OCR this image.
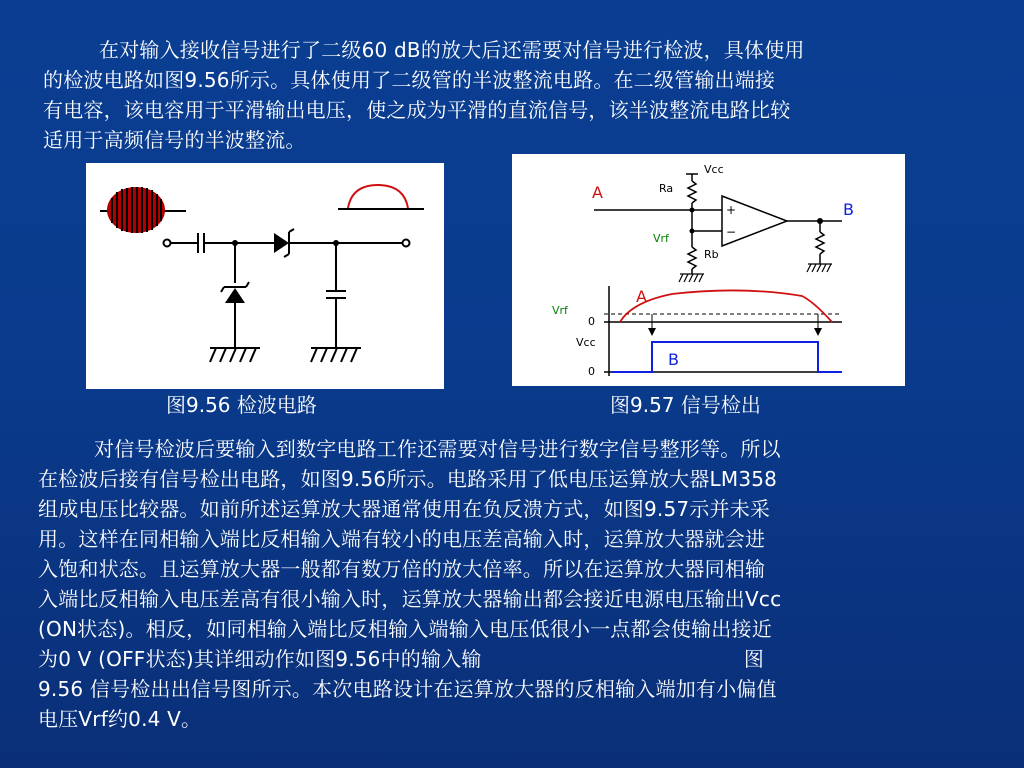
在对输入接收信号进行了二级60 dB的放大后还需要对信号进行检波，具体使用
的检波电路如图9.56所示。具体使用了二级管的半波整流电路。在二级管输出端接
有电容，该电容用于平滑输出电压，使之成为平滑的直流信号，该半波整流电路比较
适用于高频信号的半波整流。
Vcc
Ra
Rb
A
Vrf
+
−
B
Vrf
0
A
Vcc
0
B
图9.56 检波电路	图9.57 信号检出
对信号检波后要输入到数字电路工作还需要对信号进行数字信号整形等。所以
在检波后接有信号检出电路，如图9.56所示。电路采用了低电压运算放大器LM358
组成电压比较器。如前所述运算放大器通常使用在负反溃方式，如图9.57示并未采
用。这样在同相输入端比反相输入端有较小的电压差高输入时，运算放大器就会进
入饱和状态。且运算放大器一般都有数万倍的放大倍率。所以在运算放大器同相输
入端比反相输入电压差高有很小输入时，运算放大器输出都会接近电源电压输出Vcc
(ON状态)。相反，如同相输入端比反相输入端输入电压低很小一点都会使输出接近
为0 V (OFF状态)其详细动作如图9.56中的输入输                                        图
9.56 信号检出出信号图所示。本次电路设计在运算放大器的反相输入端加有小偏值
电压Vrf约0.4 V。
